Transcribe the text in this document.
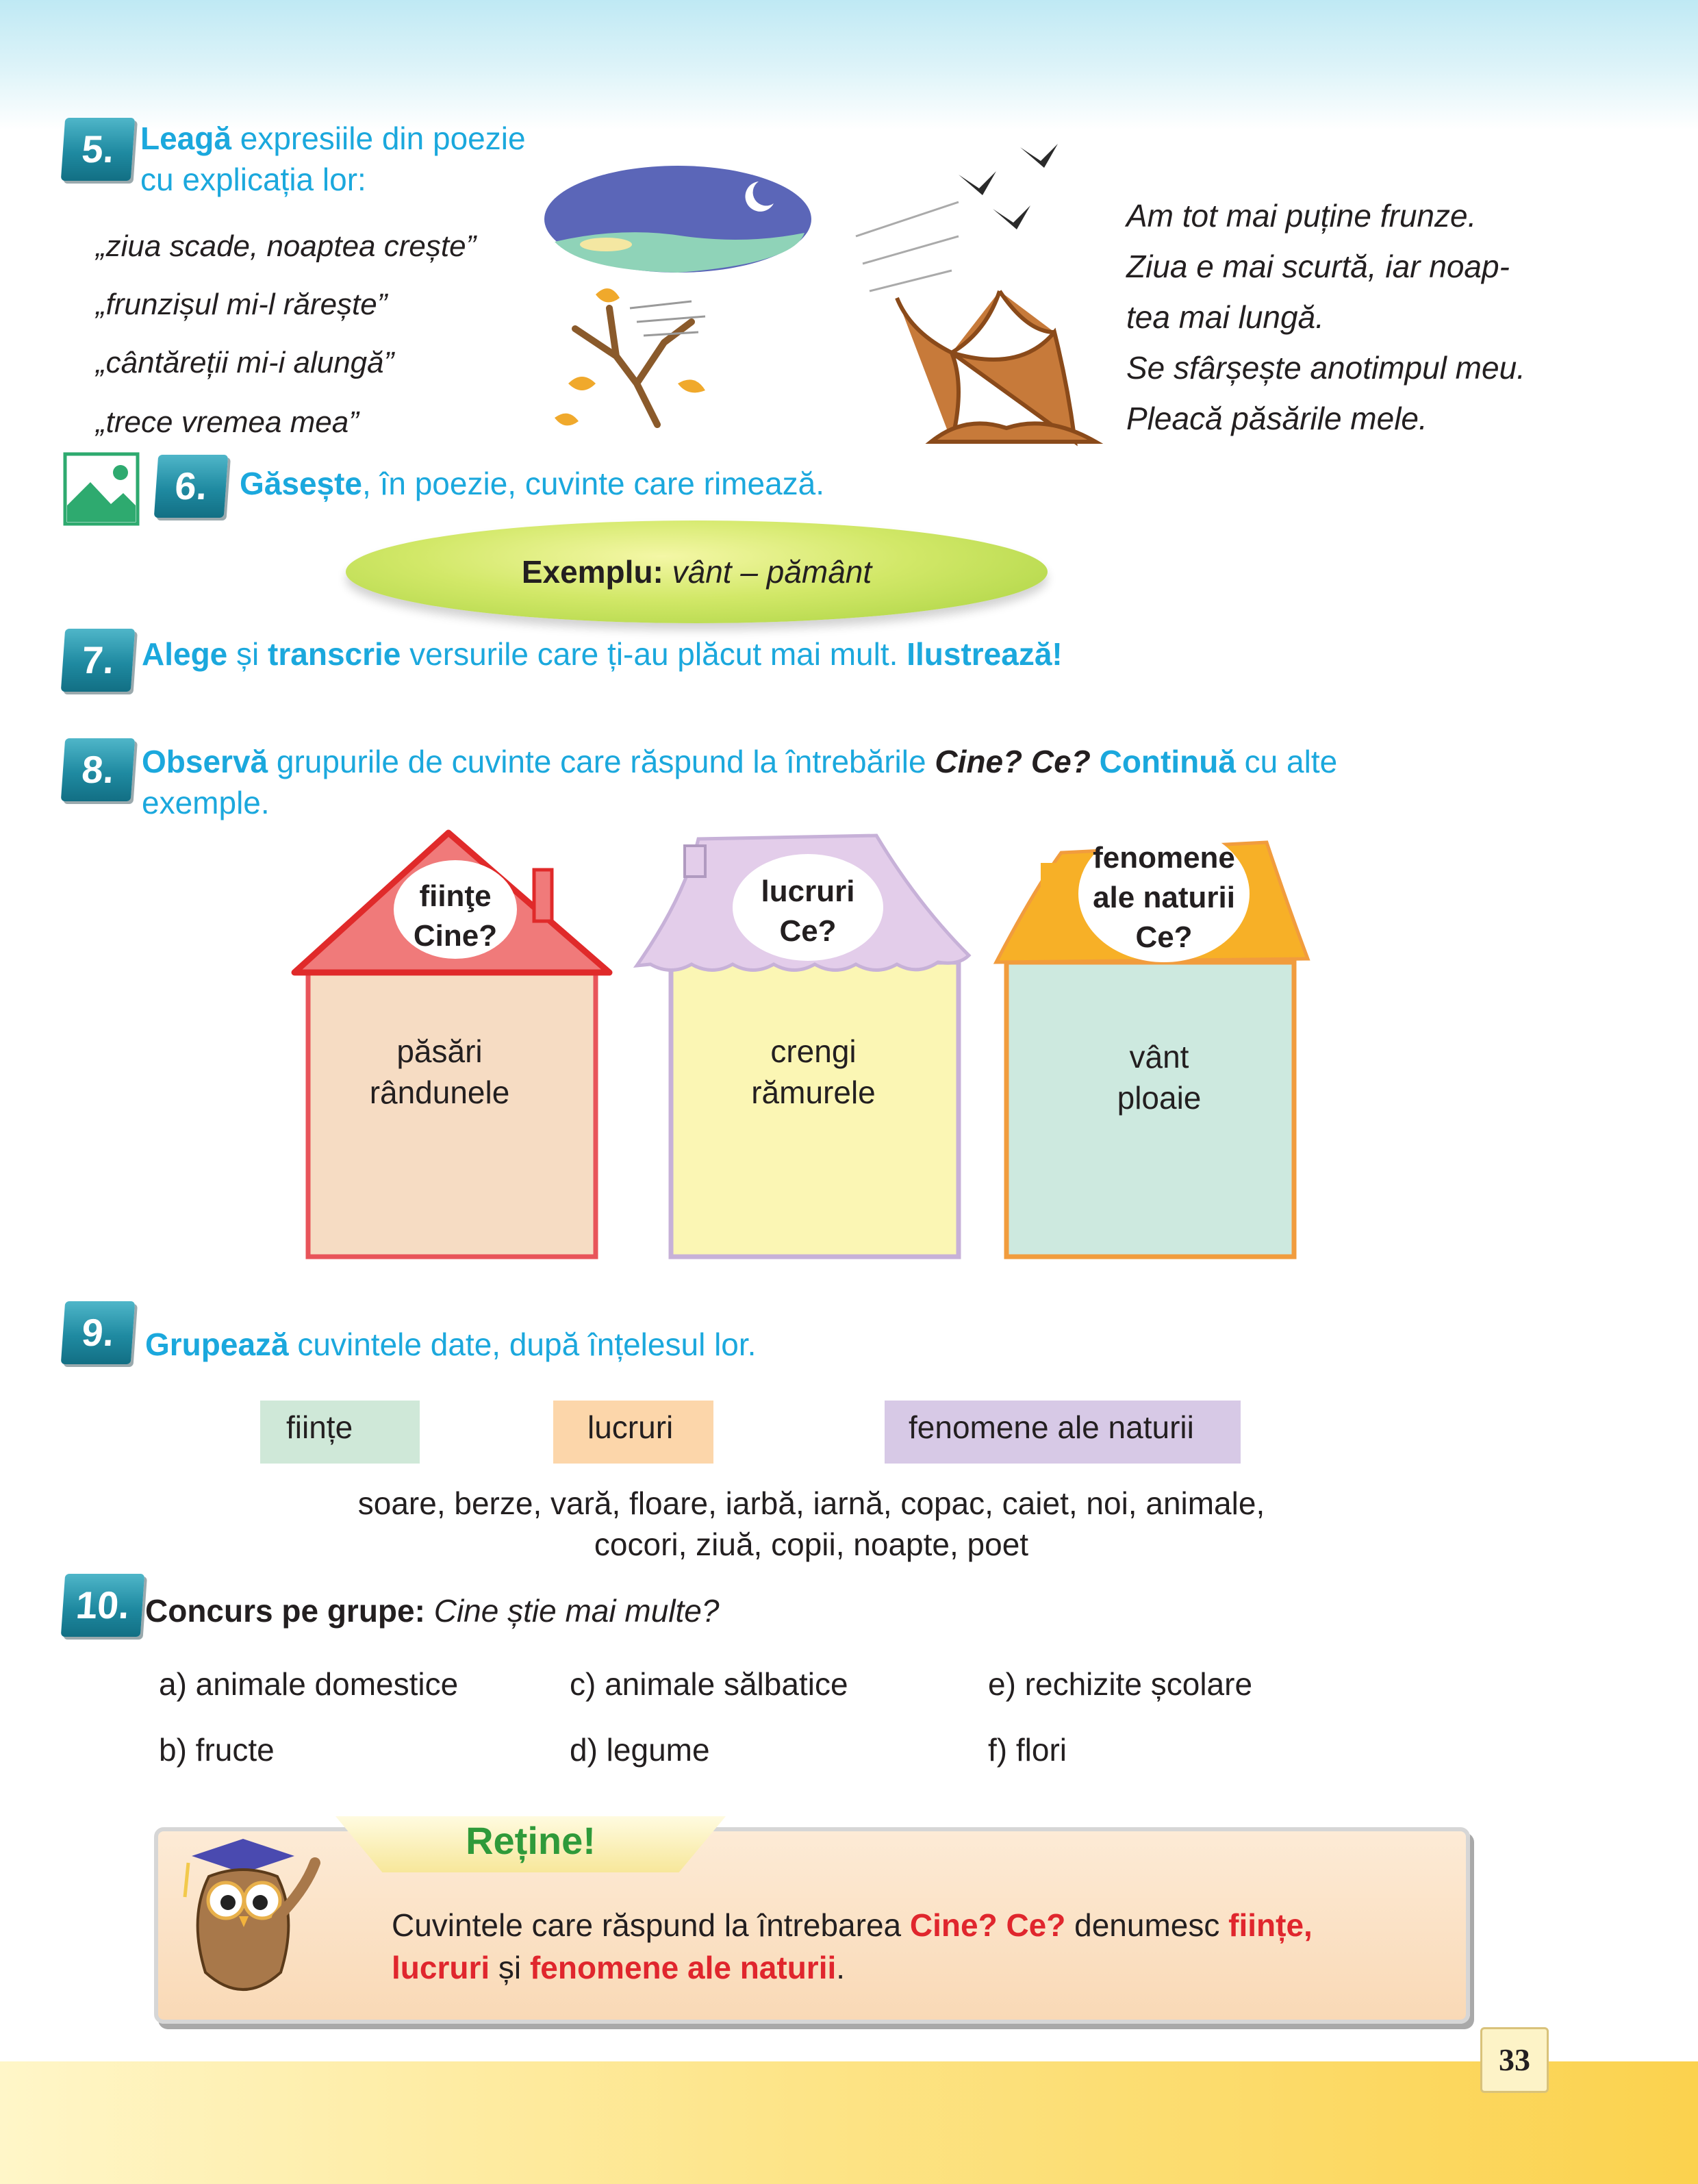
5. Leagă expresiile din poezie
cu explicația lor:
„ziua scade, noaptea crește”
„frunzișul mi-l rărește”
„cântăreții mi-i alungă”
„trece vremea mea”
Am tot mai puține frunze.
Ziua e mai scurtă, iar noap-
tea mai lungă.
Se sfârșește anotimpul meu.
Pleacă păsările mele.
6. Găsește, în poezie, cuvinte care rimează.
Exemplu: vânt – pământ
7. Alege și transcrie versurile care ți-au plăcut mai mult. Ilustrează!
8. Observă grupurile de cuvinte care răspund la întrebările Cine? Ce? Continuă cu alte
exemple.
fiinţe
Cine?
lucruri
Ce?
fenomene
ale naturii
Ce?
păsări
rândunele
crengi
rămurele
vânt
ploaie
9. Grupează cuvintele date, după înțelesul lor.
ființe	lucruri	fenomene ale naturii
soare, berze, vară, floare, iarbă, iarnă, copac, caiet, noi, animale,
cocori, ziuă, copii, noapte, poet
10. Concurs pe grupe: Cine știe mai multe?
a) animale domestice
b) fructe
c) animale sălbatice
d) legume
e) rechizite școlare
f) flori
Reține!
Cuvintele care răspund la întrebarea Cine? Ce? denumesc ființe,
lucruri și fenomene ale naturii.
33
